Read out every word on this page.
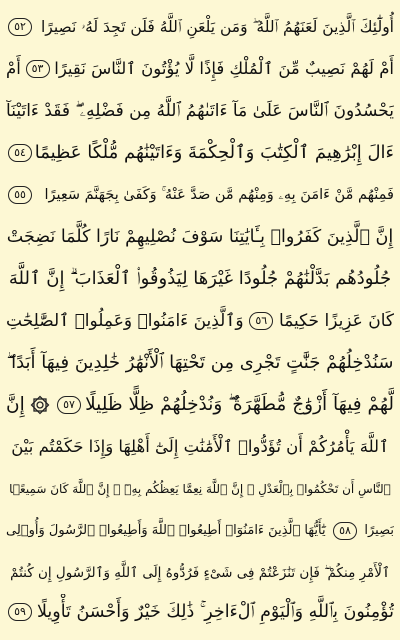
أُولَٰٓئِكَ ٱلَّذِينَ لَعَنَهُمُ ٱللَّهُ ۖ وَمَن يَلْعَنِ ٱللَّهُ فَلَن تَجِدَ لَهُۥ نَصِيرًا
٥٢
أَمْ لَهُمْ نَصِيبٌ مِّنَ ٱلْمُلْكِ فَإِذًا لَّا يُؤْتُونَ ٱلنَّاسَ نَقِيرًا
٥٣
أَمْ
يَحْسُدُونَ ٱلنَّاسَ عَلَىٰ مَآ ءَاتَىٰهُمُ ٱللَّهُ مِن فَضْلِهِۦ ۖ فَقَدْ ءَاتَيْنَآ
ءَالَ إِبْرَٰهِيمَ ٱلْكِتَٰبَ وَٱلْحِكْمَةَ وَءَاتَيْنَٰهُم مُّلْكًا عَظِيمًا
٥٤
فَمِنْهُم مَّنْ ءَامَنَ بِهِۦ وَمِنْهُم مَّن صَدَّ عَنْهُ ۚ وَكَفَىٰ بِجَهَنَّمَ سَعِيرًا
٥٥
إِنَّ ٱلَّذِينَ كَفَرُوا۟ بِـَٔايَٰتِنَا سَوْفَ نُصْلِيهِمْ نَارًا كُلَّمَا نَضِجَتْ
جُلُودُهُم بَدَّلْنَٰهُمْ جُلُودًا غَيْرَهَا لِيَذُوقُوا۟ ٱلْعَذَابَ ۗ إِنَّ ٱللَّهَ
كَانَ عَزِيزًا حَكِيمًا
٥٦
وَٱلَّذِينَ ءَامَنُوا۟ وَعَمِلُوا۟ ٱلصَّٰلِحَٰتِ
سَنُدْخِلُهُمْ جَنَّٰتٍ تَجْرِى مِن تَحْتِهَا ٱلْأَنْهَٰرُ خَٰلِدِينَ فِيهَآ أَبَدًا ۖ
لَّهُمْ فِيهَآ أَزْوَٰجٌ مُّطَهَّرَةٌ ۖ وَنُدْخِلُهُمْ ظِلًّا ظَلِيلًا
٥٧
إِنَّ
ٱللَّهَ يَأْمُرُكُمْ أَن تُؤَدُّوا۟ ٱلْأَمَٰنَٰتِ إِلَىٰٓ أَهْلِهَا وَإِذَا حَكَمْتُم بَيْنَ
ٱلنَّاسِ أَن تَحْكُمُوا۟ بِٱلْعَدْلِ ۚ إِنَّ ٱللَّهَ نِعِمَّا يَعِظُكُم بِهِۦٓ ۗ إِنَّ ٱللَّهَ كَانَ سَمِيعًۢا
بَصِيرًا
٥٨
يَٰٓأَيُّهَا ٱلَّذِينَ ءَامَنُوٓا۟ أَطِيعُوا۟ ٱللَّهَ وَأَطِيعُوا۟ ٱلرَّسُولَ وَأُو۟لِى
ٱلْأَمْرِ مِنكُمْ ۖ فَإِن تَنَٰزَعْتُمْ فِى شَىْءٍ فَرُدُّوهُ إِلَى ٱللَّهِ وَٱلرَّسُولِ إِن كُنتُمْ
تُؤْمِنُونَ بِٱللَّهِ وَٱلْيَوْمِ ٱلْءَاخِرِ ۚ ذَٰلِكَ خَيْرٌ وَأَحْسَنُ تَأْوِيلًا
٥٩
